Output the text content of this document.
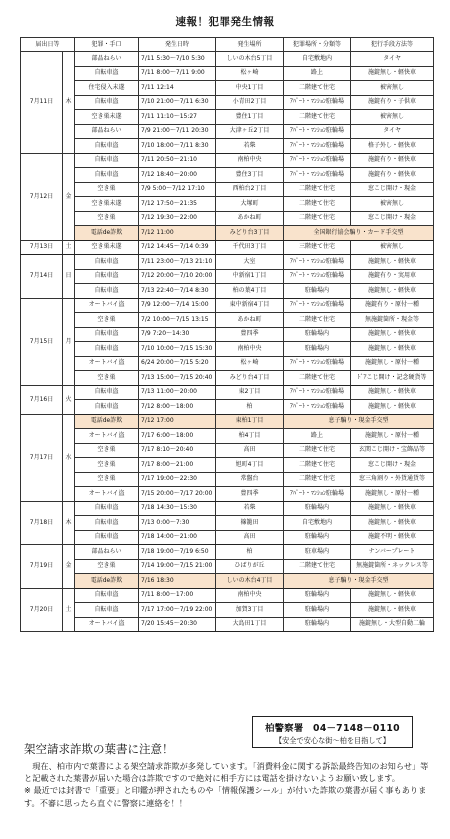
速報！犯罪発生情報
届出日等		犯罪・手口	発生日時	発生場所	犯罪場所・分類等	犯行手段方法等
7月11日	木	部品ねらい	7/11 5:30～7/10 5:30	しいの木台5丁目	自宅敷地内	タイヤ
		自転車盗	7/11 8:00～7/11 9:00	松ヶ崎	路上	施錠無し・軽快車
		住宅侵入未遂	7/11 12:14	中央1丁目	二階建て住宅	被害無し
		自転車盗	7/10 21:00～7/11 6:30	小青田2丁目	ｱﾊﾟｰﾄ・ﾏﾝｼｮﾝ駐輪場	施錠有り・子供車
		空き巣未遂	7/11 11:10～15:27	豊住1丁目	二階建て住宅	被害無し
		部品ねらい	7/9 21:00～7/11 20:30	大津ヶ丘2丁目	ｱﾊﾟｰﾄ・ﾏﾝｼｮﾝ駐輪場	タイヤ
		自転車盗	7/10 18:00～7/11 8:30	若柴	ｱﾊﾟｰﾄ・ﾏﾝｼｮﾝ駐輪場	格子外し・軽快車
7月12日	金	自転車盗	7/11 20:50～21:10	南柏中央	ｱﾊﾟｰﾄ・ﾏﾝｼｮﾝ駐輪場	施錠有り・軽快車
		自転車盗	7/12 18:40～20:00	豊住3丁目	ｱﾊﾟｰﾄ・ﾏﾝｼｮﾝ駐輪場	施錠有り・軽快車
		空き巣	7/9 5:00～7/12 17:10	西柏台2丁目	二階建て住宅	窓こじ開け・現金
		空き巣未遂	7/12 17:50～21:35	大塚町	二階建て住宅	被害無し
		空き巣	7/12 19:30～22:00	あかね町	二階建て住宅	窓こじ開け・現金
		電話de詐欺	7/12 11:00	みどり台3丁目	全国銀行協会騙り・カード手交型	
7月13日	土	空き巣未遂	7/12 14:45～7/14 0:39	千代田3丁目	三階建て住宅	被害無し
7月14日	日	自転車盗	7/11 23:00～7/13 21:10	大室	ｱﾊﾟｰﾄ・ﾏﾝｼｮﾝ駐輪場	施錠無し・軽快車
		自転車盗	7/12 20:00～7/10 20:00	中新宿1丁目	ｱﾊﾟｰﾄ・ﾏﾝｼｮﾝ駐輪場	施錠有り・実用車
		自転車盗	7/13 22:40～7/14 8:30	柏の葉4丁目	駐輪場内	施錠無し・軽快車
7月15日	月	オートバイ盗	7/9 12:00～7/14 15:00	東中新宿4丁目	ｱﾊﾟｰﾄ・ﾏﾝｼｮﾝ駐輪場	施錠有り・原付一種
		空き巣	7/2 10:00～7/15 13:15	あかね町	二階建て住宅	無施錠箇所・現金等
		自転車盗	7/9 7:20～14:30	豊四季	駐輪場内	施錠無し・軽快車
		自転車盗	7/10 10:00～7/15 15:30	南柏中央	駐輪場内	施錠無し・軽快車
		オートバイ盗	6/24 20:00～7/15 5:20	松ヶ崎	ｱﾊﾟｰﾄ・ﾏﾝｼｮﾝ駐輪場	施錠無し・原付一種
		空き巣	7/13 15:00～7/15 20:40	みどり台4丁目	二階建て住宅	ﾄﾞｱこじ開け・記念硬貨等
7月16日	火	自転車盗	7/13 11:00～20:00	東2丁目	ｱﾊﾟｰﾄ・ﾏﾝｼｮﾝ駐輪場	施錠無し・軽快車
		自転車盗	7/12 8:00～18:00	柏	ｱﾊﾟｰﾄ・ﾏﾝｼｮﾝ駐輪場	施錠無し・軽快車
7月17日	水	電話de詐欺	7/12 17:00	東柏1丁目	息子騙り・現金手交型	
		オートバイ盗	7/17 6:00～18:00	柏4丁目	路上	施錠無し・原付一種
		空き巣	7/17 8:10～20:40	高田	二階建て住宅	玄関こじ開け・宝飾品等
		空き巣	7/17 8:00～21:00	旭町4丁目	二階建て住宅	窓こじ開け・現金
		空き巣	7/17 19:00～22:30	常盤台	二階建て住宅	窓三角割り・外貨通貨等
		オートバイ盗	7/15 20:00～7/17 20:00	豊四季	ｱﾊﾟｰﾄ・ﾏﾝｼｮﾝ駐輪場	施錠無し・原付一種
7月18日	木	自転車盗	7/18 14:30～15:30	若柴	駐輪場内	施錠無し・軽快車
		自転車盗	7/13 0:00～7:30	篠籠田	自宅敷地内	施錠無し・軽快車
		自転車盗	7/18 14:00～21:00	高田	駐輪場内	施錠不明・軽快車
7月19日	金	部品ねらい	7/18 19:00～7/19 6:50	柏	駐車場内	ナンバープレート
		空き巣	7/14 19:00～7/15 21:00	ひばりが丘	二階建て住宅	無施錠箇所・ネックレス等
		電話de詐欺	7/16 18:30	しいの木台4丁目	息子騙り・現金手交型	
7月20日	土	自転車盗	7/11 8:00～17:00	南柏中央	駐輪場内	施錠無し・軽快車
		自転車盗	7/17 17:00～7/19 22:00	加賀3丁目	駐輪場内	施錠無し・軽快車
		オートバイ盗	7/20 15:45～20:30	大島田1丁目	駐輪場内	施錠無し・大型自動二輪
柏警察署　04－7148－0110
【安全で安心な街～柏を目指して】
架空請求詐欺の葉書に注意！

　現在、柏市内で葉書による架空請求詐欺が多発しています。「消費料金に関する訴訟最終告知のお知らせ」等と記載された葉書が届いた場合は詐欺ですので絶対に相手方には電話を掛けないようお願い致します。

※ 最近では封書で「重要」と印鑑が押されたものや「情報保護シール」が付いた詐欺の葉書が届く事もあります。不審に思ったら直ぐに警察に連絡を！！
